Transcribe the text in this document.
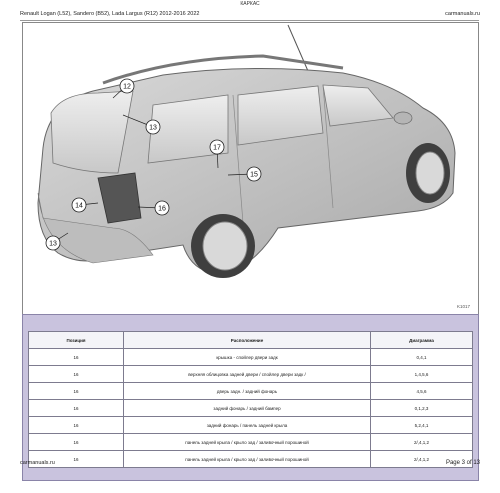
КАРКАС
Renault Logan (L52), Sandero (B52), Lada Largus (R12) 2012-2016 2022	carmanuals.ru
12
13
17
15
14	16
13
K1017
Позиция	Расположение	Диаграмма
16	крышка - спойлер двери задк	0,4,1
16	верхняя облицовка задней двери / спойлер двери задк /	1,4,5,6
16	дверь задн. / задний фонарь	4,5,6
16	задний фонарь / задний бампер	0,1,2,3
16	задний фонарь / панель задней крыла	5,2,4,1
16	панель задней крыла / крыло зад / заливочный порошиной	2/,4,1,2
16	панель задней крыла / крыло зад / заливочный порошиной	2/,4,1,2
carmanuals.ru	Page 3 of 13
